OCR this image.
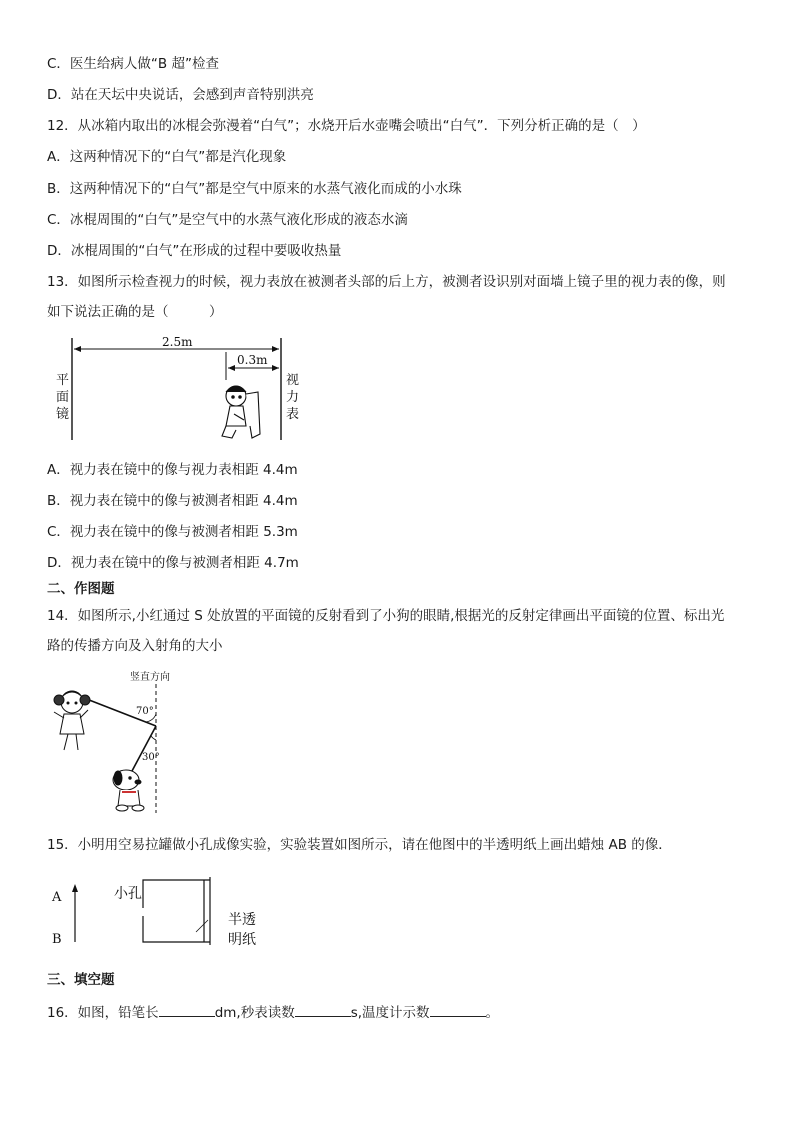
C．医生给病人做“B 超”检查
D．站在天坛中央说话，会感到声音特别洪亮
12．从冰箱内取出的冰棍会弥漫着“白气”；水烧开后水壶嘴会喷出“白气”．下列分析正确的是（　）
A．这两种情况下的“白气”都是汽化现象
B．这两种情况下的“白气”都是空气中原来的水蒸气液化而成的小水珠
C．冰棍周围的“白气”是空气中的水蒸气液化形成的液态水滴
D．冰棍周围的“白气”在形成的过程中要吸收热量
13．如图所示检查视力的时候，视力表放在被测者头部的后上方，被测者设识别对面墙上镜子里的视力表的像，则
如下说法正确的是（　　　）
2.5m
0.3m
平
面
镜
视
力
表
A．视力表在镜中的像与视力表相距 4.4m
B．视力表在镜中的像与被测者相距 4.4m
C．视力表在镜中的像与被测者相距 5.3m
D．视力表在镜中的像与被测者相距 4.7m
二、作图题
14．如图所示,小红通过 S 处放置的平面镜的反射看到了小狗的眼睛,根据光的反射定律画出平面镜的位置、标出光
路的传播方向及入射角的大小
竖直方向
70°
30°
15．小明用空易拉罐做小孔成像实验，实验装置如图所示，请在他图中的半透明纸上画出蜡烛 AB 的像．
A
B
小孔
半透
明纸
三、填空题
16．如图，铅笔长	dm,秒表读数	s,温度计示数	。
